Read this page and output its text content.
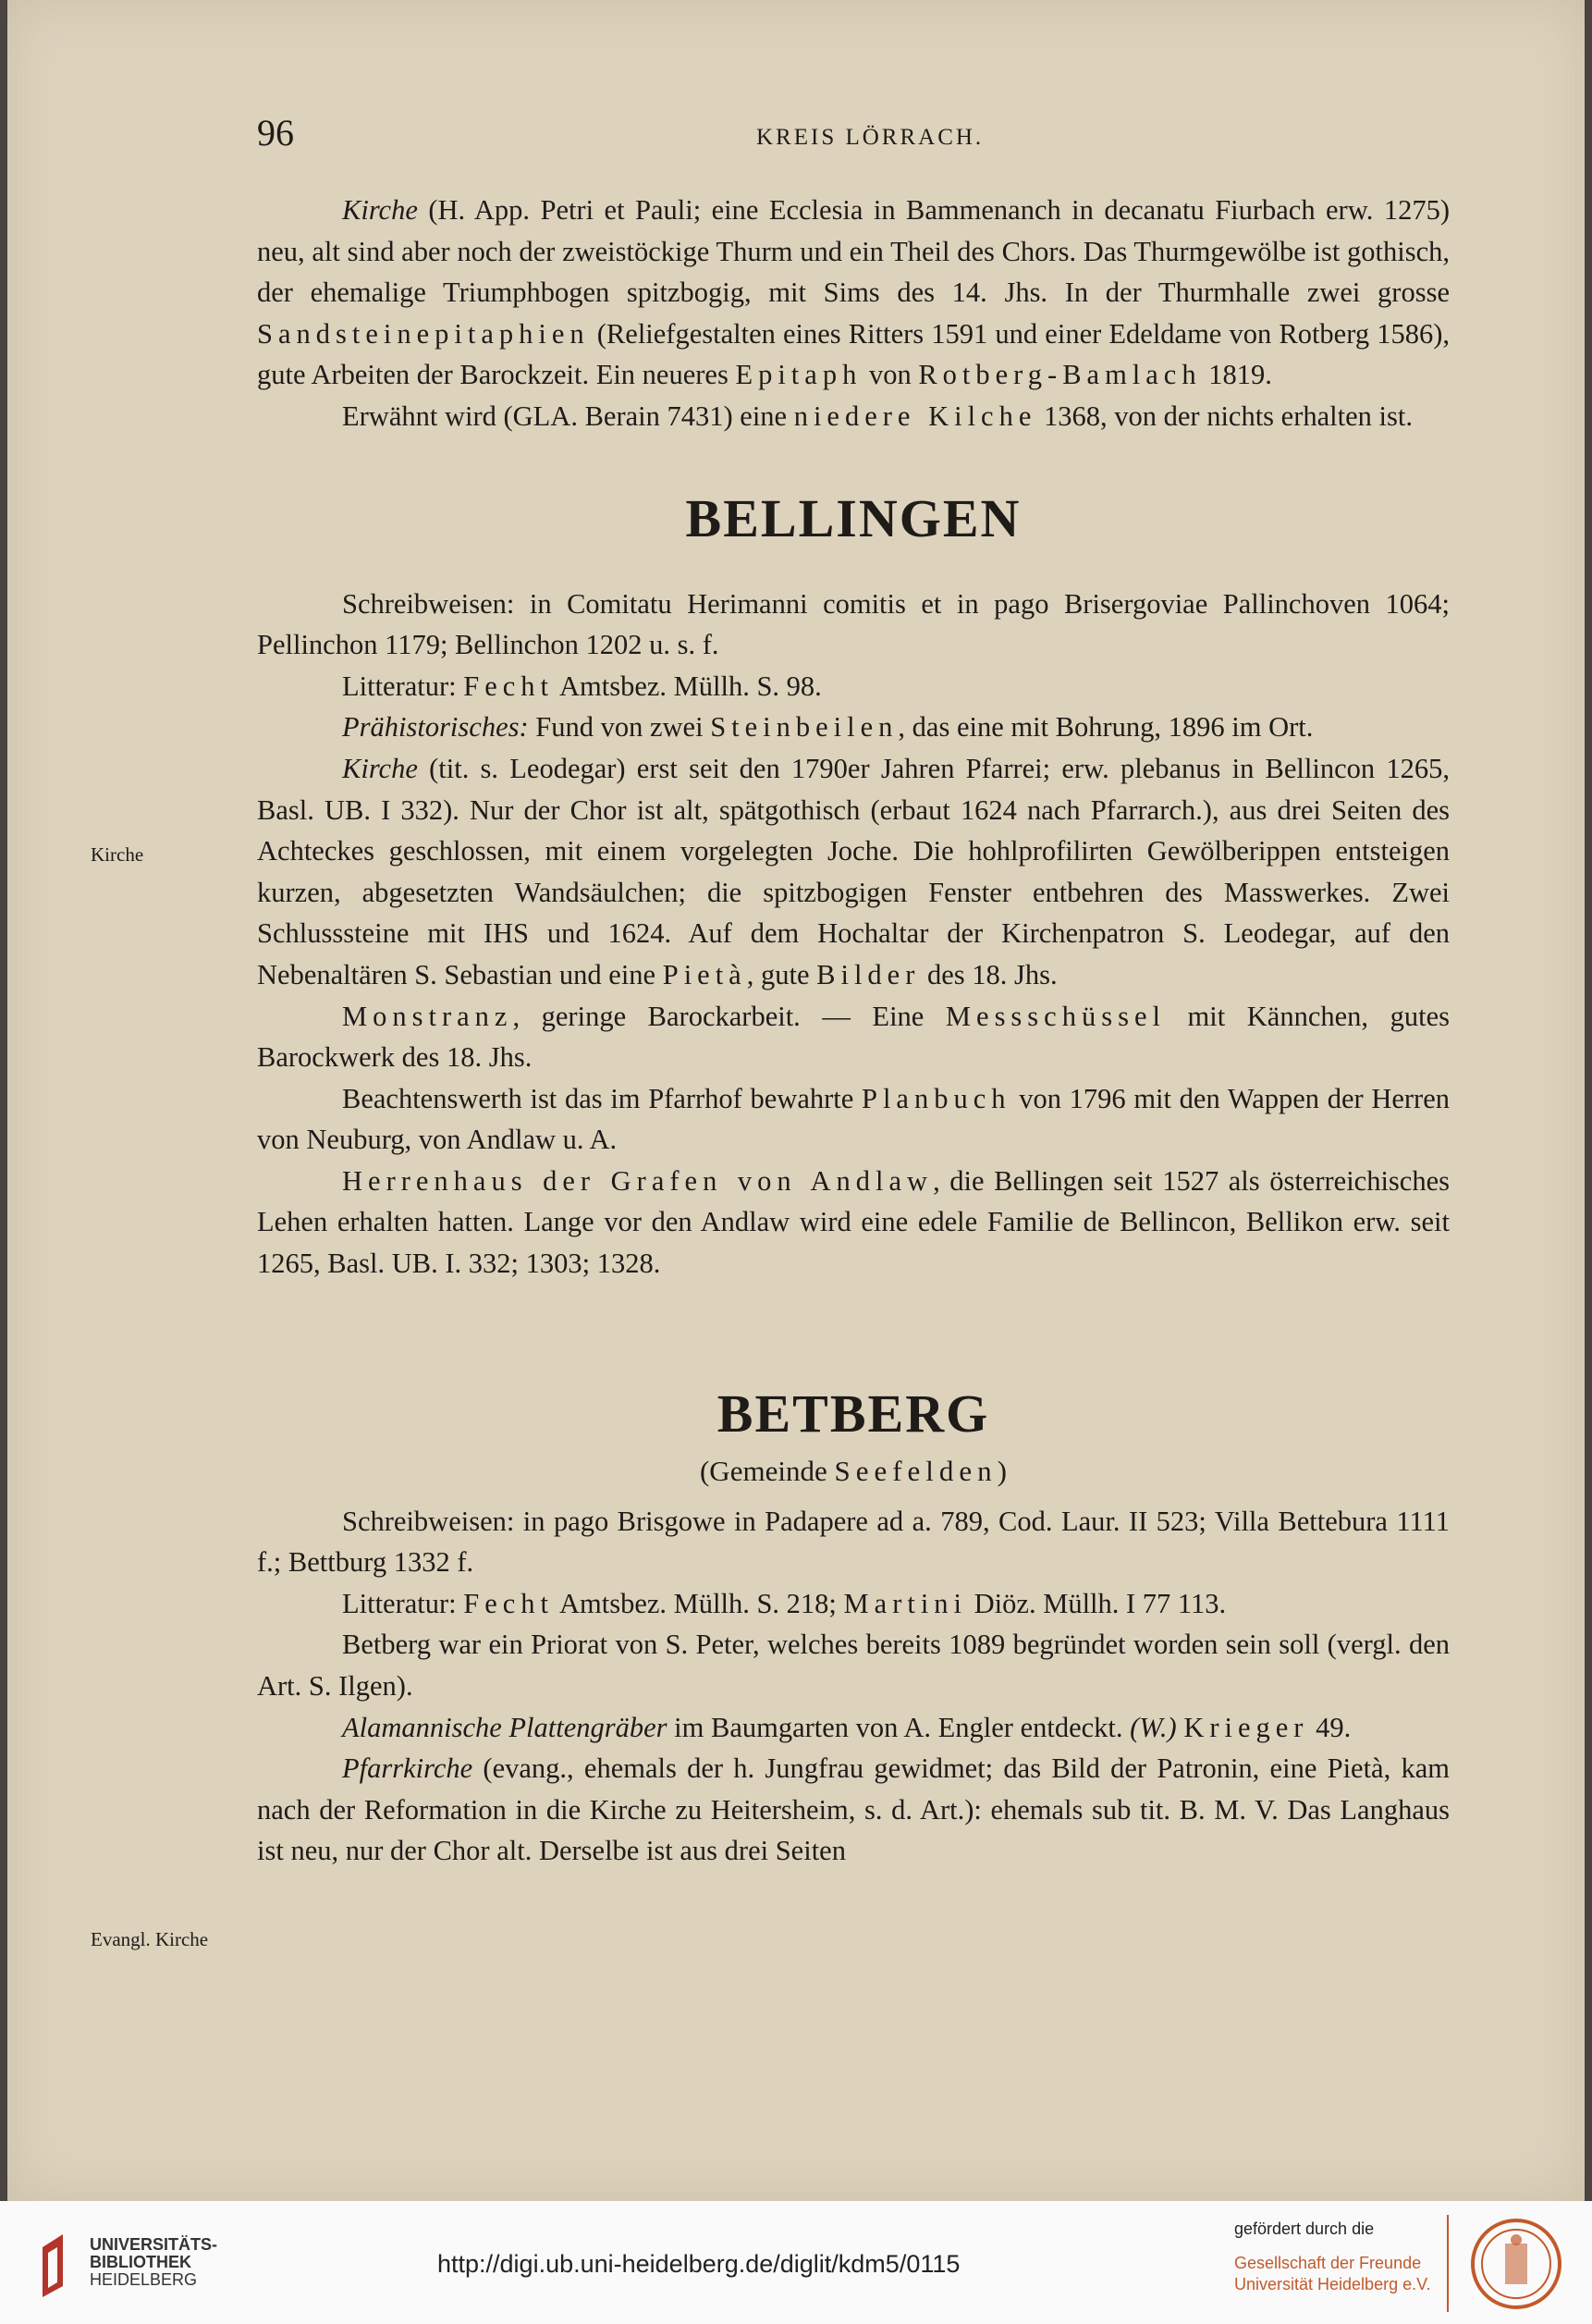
96	KREIS LÖRRACH.
Kirche
Evangl. Kirche

Kirche (H. App. Petri et Pauli; eine Ecclesia in Bammenanch in decanatu Fiurbach erw. 1275) neu, alt sind aber noch der zweistöckige Thurm und ein Theil des Chors. Das Thurmgewölbe ist gothisch, der ehemalige Triumphbogen spitzbogig, mit Sims des 14. Jhs. In der Thurmhalle zwei grosse Sandsteinepitaphien (Reliefgestalten eines Ritters 1591 und einer Edeldame von Rotberg 1586), gute Arbeiten der Barockzeit. Ein neueres Epitaph von Rotberg-Bamlach 1819.

Erwähnt wird (GLA. Berain 7431) eine niedere Kilche 1368, von der nichts erhalten ist.

BELLINGEN

Schreibweisen: in Comitatu Herimanni comitis et in pago Brisergoviae Pallinchoven 1064; Pellinchon 1179; Bellinchon 1202 u. s. f.

Litteratur: Fecht Amtsbez. Müllh. S. 98.

Prähistorisches: Fund von zwei Steinbeilen, das eine mit Bohrung, 1896 im Ort.

Kirche (tit. s. Leodegar) erst seit den 1790er Jahren Pfarrei; erw. plebanus in Bellincon 1265, Basl. UB. I 332). Nur der Chor ist alt, spätgothisch (erbaut 1624 nach Pfarrarch.), aus drei Seiten des Achteckes geschlossen, mit einem vorgelegten Joche. Die hohlprofilirten Gewölberippen entsteigen kurzen, abgesetzten Wandsäulchen; die spitzbogigen Fenster entbehren des Masswerkes. Zwei Schlusssteine mit IHS und 1624. Auf dem Hochaltar der Kirchenpatron S. Leodegar, auf den Nebenaltären S. Sebastian und eine Pietà, gute Bilder des 18. Jhs.

Monstranz, geringe Barockarbeit. — Eine Messschüssel mit Kännchen, gutes Barockwerk des 18. Jhs.

Beachtenswerth ist das im Pfarrhof bewahrte Planbuch von 1796 mit den Wappen der Herren von Neuburg, von Andlaw u. A.

Herrenhaus der Grafen von Andlaw, die Bellingen seit 1527 als österreichisches Lehen erhalten hatten. Lange vor den Andlaw wird eine edele Familie de Bellincon, Bellikon erw. seit 1265, Basl. UB. I. 332; 1303; 1328.

BETBERG

(Gemeinde Seefelden)

Schreibweisen: in pago Brisgowe in Padapere ad a. 789, Cod. Laur. II 523; Villa Bettebura 1111 f.; Bettburg 1332 f.

Litteratur: Fecht Amtsbez. Müllh. S. 218; Martini Diöz. Müllh. I 77 113.

Betberg war ein Priorat von S. Peter, welches bereits 1089 begründet worden sein soll (vergl. den Art. S. Ilgen).

Alamannische Plattengräber im Baumgarten von A. Engler entdeckt. (W.) Krieger 49.

Pfarrkirche (evang., ehemals der h. Jungfrau gewidmet; das Bild der Patronin, eine Pietà, kam nach der Reformation in die Kirche zu Heitersheim, s. d. Art.): ehemals sub tit. B. M. V. Das Langhaus ist neu, nur der Chor alt. Derselbe ist aus drei Seiten

UNIVERSITÄTS-
BIBLIOTHEK
HEIDELBERG
http://digi.ub.uni-heidelberg.de/diglit/kdm5/0115
gefördert durch die
Gesellschaft der Freunde
Universität Heidelberg e.V.
